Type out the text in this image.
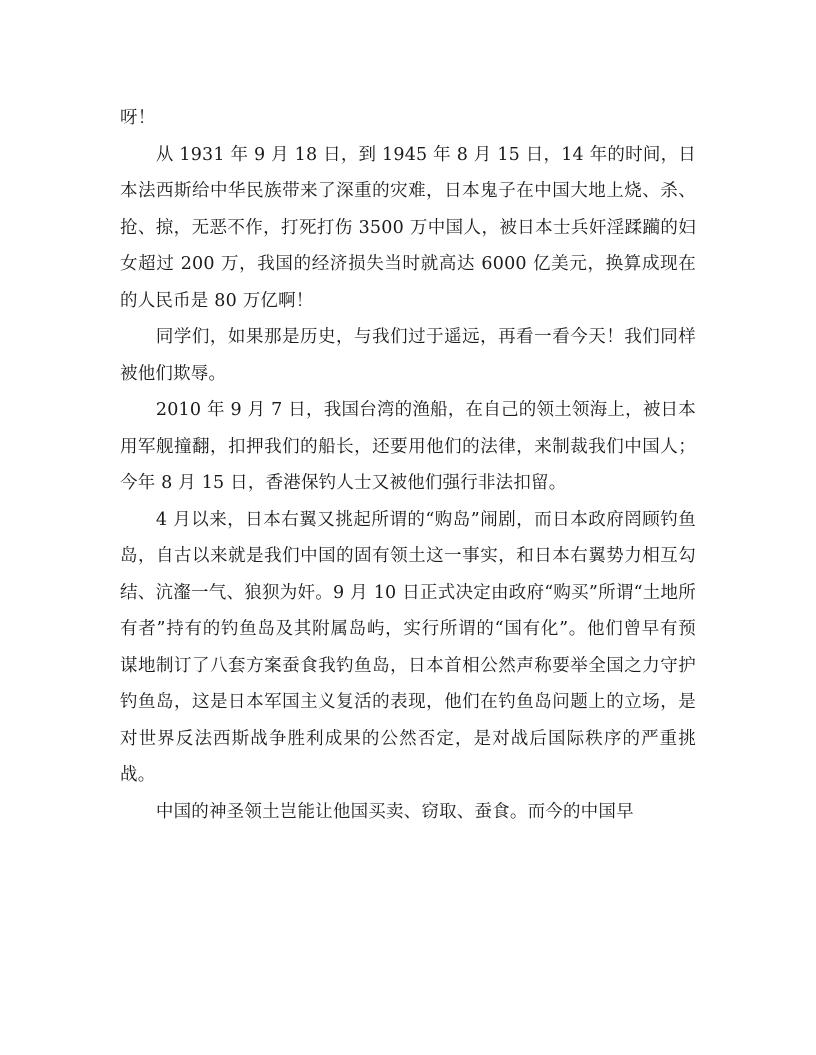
呀！

从 1931 年 9 月 18 日，到 1945 年 8 月 15 日，14 年的时间，日本法西斯给中华民族带来了深重的灾难，日本鬼子在中国大地上烧、杀、抢、掠，无恶不作，打死打伤 3500 万中国人，被日本士兵奸淫蹂躏的妇女超过 200 万，我国的经济损失当时就高达 6000 亿美元，换算成现在的人民币是 80 万亿啊！

同学们，如果那是历史，与我们过于遥远，再看一看今天！我们同样被他们欺辱。

2010 年 9 月 7 日，我国台湾的渔船，在自己的领土领海上，被日本用军舰撞翻，扣押我们的船长，还要用他们的法律，来制裁我们中国人；今年 8 月 15 日，香港保钓人士又被他们强行非法扣留。

4 月以来，日本右翼又挑起所谓的“购岛”闹剧，而日本政府罔顾钓鱼岛，自古以来就是我们中国的固有领土这一事实，和日本右翼势力相互勾结、沆瀣一气、狼狈为奸。9 月 10 日正式决定由政府“购买”所谓“土地所有者”持有的钓鱼岛及其附属岛屿，实行所谓的“国有化”。他们曾早有预谋地制订了八套方案蚕食我钓鱼岛，日本首相公然声称要举全国之力守护钓鱼岛，这是日本军国主义复活的表现，他们在钓鱼岛问题上的立场，是对世界反法西斯战争胜利成果的公然否定，是对战后国际秩序的严重挑战。

中国的神圣领土岂能让他国买卖、窃取、蚕食。而今的中国早
